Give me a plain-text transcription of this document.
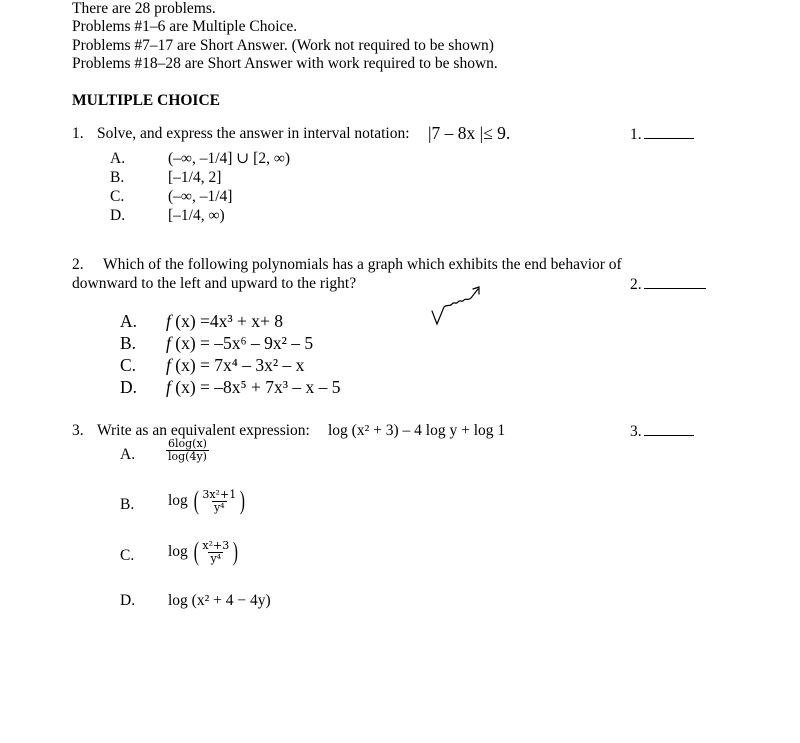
There are 28 problems.
Problems #1–6 are Multiple Choice.
Problems #7–17 are Short Answer. (Work not required to be shown)
Problems #18–28 are Short Answer with work required to be shown.
MULTIPLE CHOICE
1. Solve, and express the answer in interval notation: |7 – 8x |≤ 9.	1.
A.	(–∞, –1/4] ∪ [2, ∞)
B.	[–1/4, 2]
C.	(–∞, –1/4]
D.	[–1/4, ∞)
2. Which of the following polynomials has a graph which exhibits the end behavior of
downward to the left and upward to the right?	2.
A. f (x) =4x³ + x+ 8
B. f (x) = –5x⁶ – 9x² – 5
C. f (x) = 7x⁴ – 3x² – x
D. f (x) = –8x⁵ + 7x³ – x – 5
3. Write as an equivalent expression: log (x² + 3) – 4 log y + log 1	3.
A.	$\frac{6\log(x)}{\log(4y)}$
B. log ( $\frac{\text{3x²+1}}{\text{y⁴}}$ )
C. log ( $\frac{\text{x²+3}}{\text{y⁴}}$ )
D. log (x² + 4 − 4y)
